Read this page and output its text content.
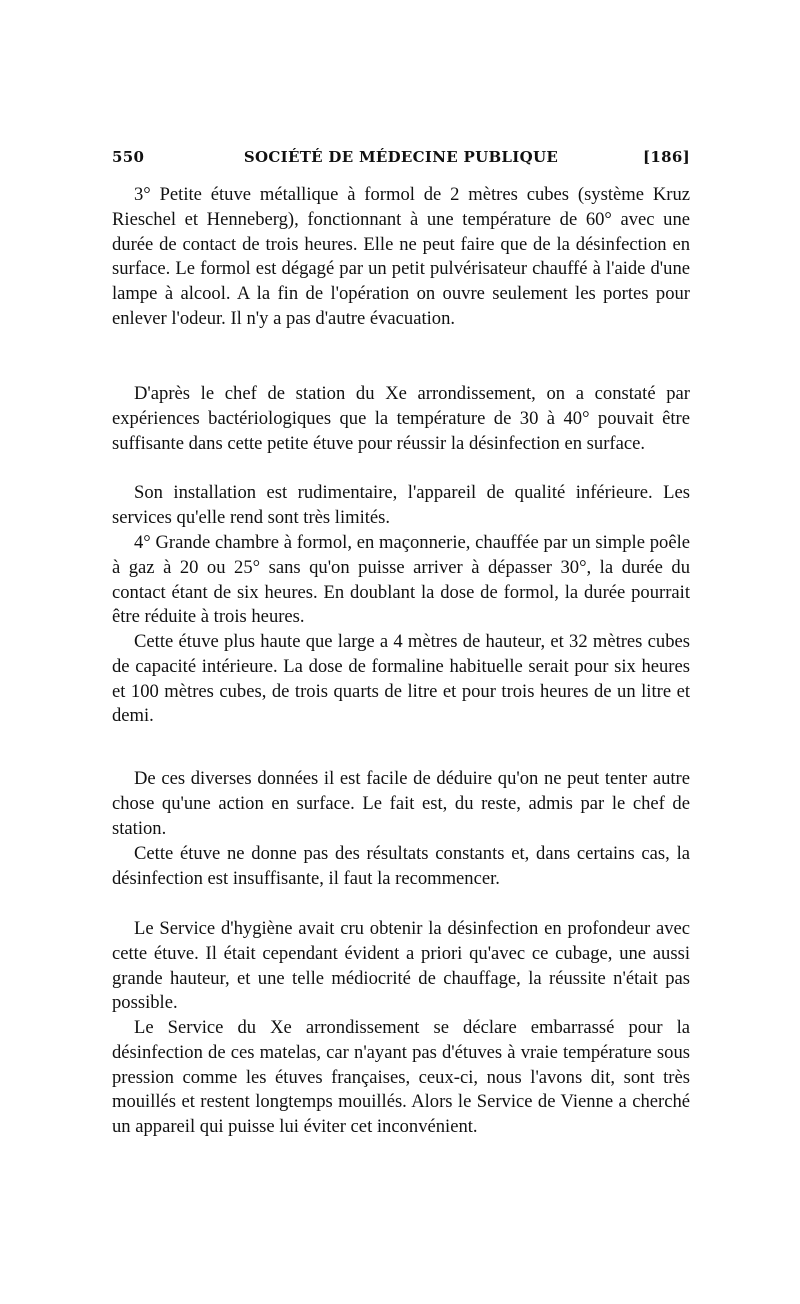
550	SOCIÉTÉ DE MÉDECINE PUBLIQUE	[186]

3° Petite étuve métallique à formol de 2 mètres cubes (système Kruz Rieschel et Henneberg), fonctionnant à une température de 60° avec une durée de contact de trois heures. Elle ne peut faire que de la désinfection en surface. Le formol est dégagé par un petit pulvérisateur chauffé à l'aide d'une lampe à alcool. A la fin de l'opération on ouvre seulement les portes pour enlever l'odeur. Il n'y a pas d'autre évacuation.

D'après le chef de station du Xe arrondissement, on a constaté par expériences bactériologiques que la température de 30 à 40° pouvait être suffisante dans cette petite étuve pour réussir la désinfection en surface.

Son installation est rudimentaire, l'appareil de qualité inférieure. Les services qu'elle rend sont très limités.

4° Grande chambre à formol, en maçonnerie, chauffée par un simple poêle à gaz à 20 ou 25° sans qu'on puisse arriver à dépasser 30°, la durée du contact étant de six heures. En doublant la dose de formol, la durée pourrait être réduite à trois heures.

Cette étuve plus haute que large a 4 mètres de hauteur, et 32 mètres cubes de capacité intérieure. La dose de formaline habituelle serait pour six heures et 100 mètres cubes, de trois quarts de litre et pour trois heures de un litre et demi.

De ces diverses données il est facile de déduire qu'on ne peut tenter autre chose qu'une action en surface. Le fait est, du reste, admis par le chef de station.

Cette étuve ne donne pas des résultats constants et, dans certains cas, la désinfection est insuffisante, il faut la recommencer.

Le Service d'hygiène avait cru obtenir la désinfection en profondeur avec cette étuve. Il était cependant évident a priori qu'avec ce cubage, une aussi grande hauteur, et une telle médiocrité de chauffage, la réussite n'était pas possible.

Le Service du Xe arrondissement se déclare embarrassé pour la désinfection de ces matelas, car n'ayant pas d'étuves à vraie température sous pression comme les étuves françaises, ceux-ci, nous l'avons dit, sont très mouillés et restent longtemps mouillés. Alors le Service de Vienne a cherché un appareil qui puisse lui éviter cet inconvénient.
